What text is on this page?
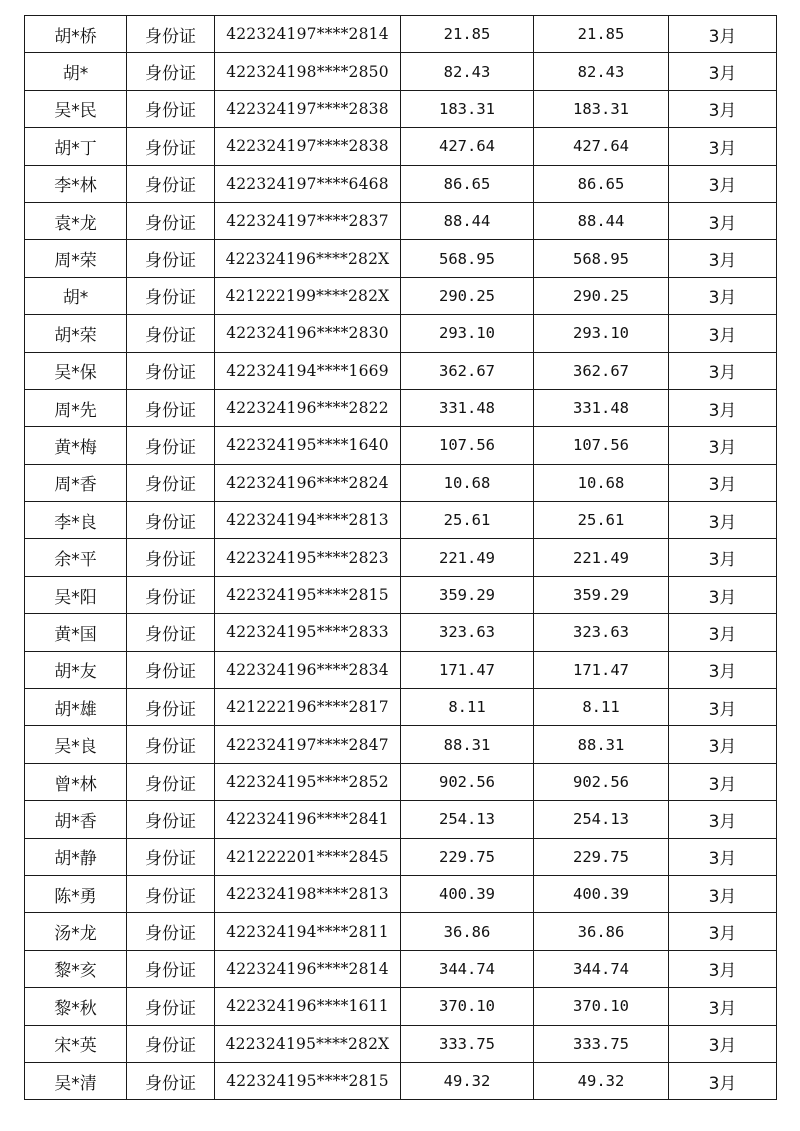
胡*桥	身份证	422324197****2814	21.85	21.85	3月
胡*	身份证	422324198****2850	82.43	82.43	3月
吴*民	身份证	422324197****2838	183.31	183.31	3月
胡*丁	身份证	422324197****2838	427.64	427.64	3月
李*林	身份证	422324197****6468	86.65	86.65	3月
袁*龙	身份证	422324197****2837	88.44	88.44	3月
周*荣	身份证	422324196****282X	568.95	568.95	3月
胡*	身份证	421222199****282X	290.25	290.25	3月
胡*荣	身份证	422324196****2830	293.10	293.10	3月
吴*保	身份证	422324194****1669	362.67	362.67	3月
周*先	身份证	422324196****2822	331.48	331.48	3月
黄*梅	身份证	422324195****1640	107.56	107.56	3月
周*香	身份证	422324196****2824	10.68	10.68	3月
李*良	身份证	422324194****2813	25.61	25.61	3月
余*平	身份证	422324195****2823	221.49	221.49	3月
吴*阳	身份证	422324195****2815	359.29	359.29	3月
黄*国	身份证	422324195****2833	323.63	323.63	3月
胡*友	身份证	422324196****2834	171.47	171.47	3月
胡*雄	身份证	421222196****2817	8.11	8.11	3月
吴*良	身份证	422324197****2847	88.31	88.31	3月
曾*林	身份证	422324195****2852	902.56	902.56	3月
胡*香	身份证	422324196****2841	254.13	254.13	3月
胡*静	身份证	421222201****2845	229.75	229.75	3月
陈*勇	身份证	422324198****2813	400.39	400.39	3月
汤*龙	身份证	422324194****2811	36.86	36.86	3月
黎*亥	身份证	422324196****2814	344.74	344.74	3月
黎*秋	身份证	422324196****1611	370.10	370.10	3月
宋*英	身份证	422324195****282X	333.75	333.75	3月
吴*清	身份证	422324195****2815	49.32	49.32	3月
